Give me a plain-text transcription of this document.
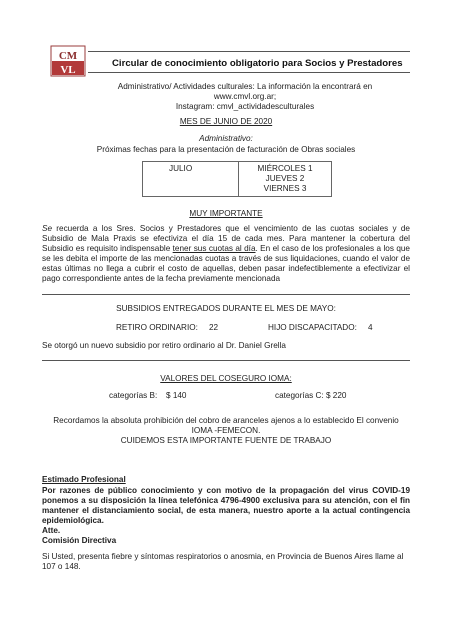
CM
VL
Circular de conocimiento obligatorio para Socios y Prestadores
Administrativo/ Actividades culturales: La información la encontrará en
www.cmvl.org.ar;
Instagram: cmvl_actividadesculturales
MES DE JUNIO DE 2020
Administrativo:
Próximas fechas para la presentación de facturación de Obras sociales
JULIO	MIÉRCOLES 1
JUEVES 2
VIERNES 3
MUY IMPORTANTE
Se recuerda a los Sres. Socios y Prestadores que el vencimiento de las cuotas sociales y de Subsidio de Mala Praxis se efectiviza el día 15 de cada mes. Para mantener la cobertura del Subsidio es requisito indispensable tener sus cuotas al día. En el caso de los profesionales a los que se les debita el importe de las mencionadas cuotas a través de sus liquidaciones, cuando el valor de estas últimas no llega a cubrir el costo de aquellas, deben pasar indefectiblemente a efectivizar el pago correspondiente antes de la fecha previamente mencionada
SUBSIDIOS ENTREGADOS DURANTE EL MES DE MAYO:
RETIRO ORDINARIO: 22	HIJO DISCAPACITADO: 4
Se otorgó un nuevo subsidio por retiro ordinario al Dr. Daniel Grella
VALORES DEL COSEGURO IOMA:
categorías B: $ 140	categorías C: $ 220
Recordamos la absoluta prohibición del cobro de aranceles ajenos a lo establecido El convenio
IOMA -FEMECON.
CUIDEMOS ESTA IMPORTANTE FUENTE DE TRABAJO
Estimado Profesional
Por razones de público conocimiento y con motivo de la propagación del virus COVID-19 ponemos a su disposición la línea telefónica 4796-4900 exclusiva para su atención, con el fin mantener el distanciamiento social, de esta manera, nuestro aporte a la actual contingencia epidemiológica.
Atte.
Comisión Directiva
Si Usted, presenta fiebre y síntomas respiratorios o anosmia, en Provincia de Buenos Aires llame al 107 o 148.
